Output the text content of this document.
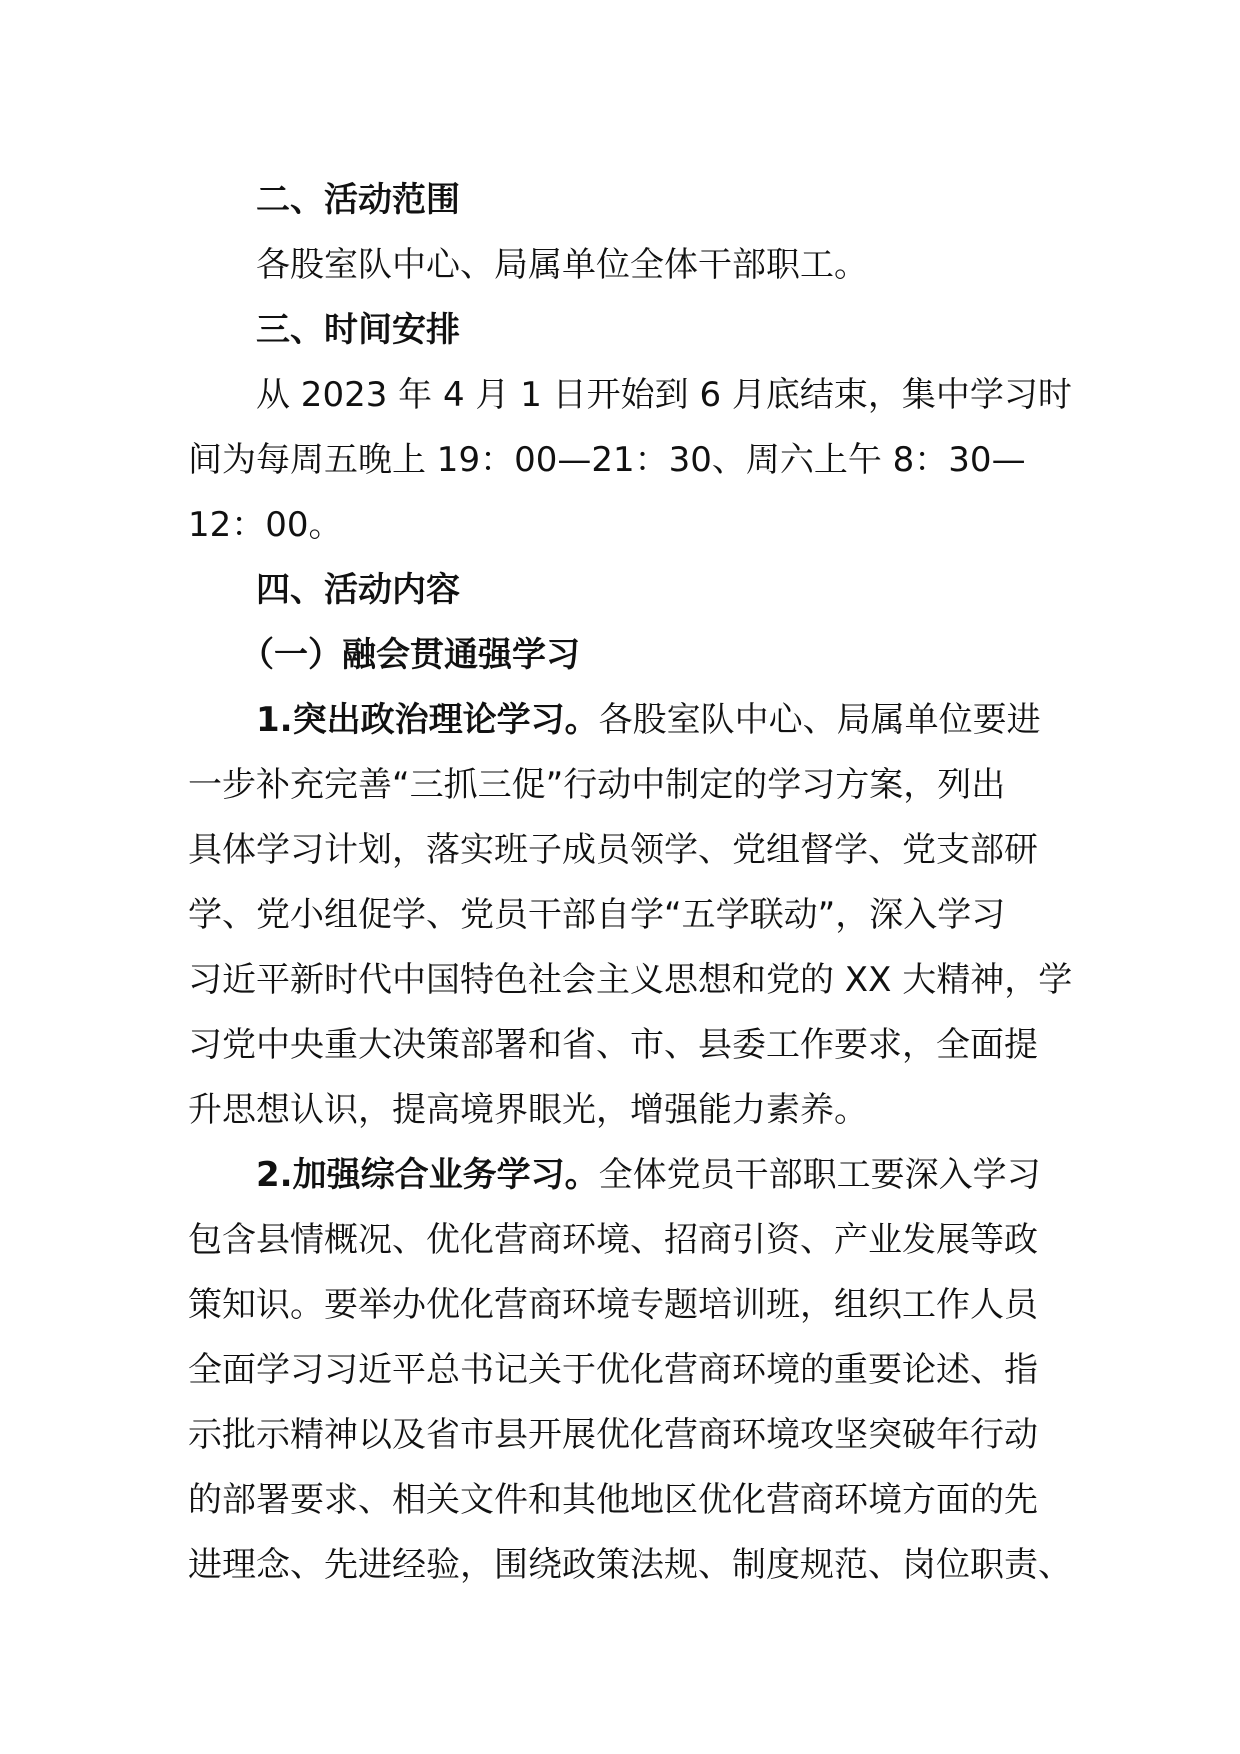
二、活动范围
各股室队中心、局属单位全体干部职工。
三、时间安排
从 2023 年 4 月 1 日开始到 6 月底结束，集中学习时
间为每周五晚上 19：00—21：30、周六上午 8：30—
12：00。
四、活动内容
（一）融会贯通强学习
1.突出政治理论学习。各股室队中心、局属单位要进
一步补充完善“三抓三促”行动中制定的学习方案，列出
具体学习计划，落实班子成员领学、党组督学、党支部研
学、党小组促学、党员干部自学“五学联动”，深入学习
习近平新时代中国特色社会主义思想和党的 XX 大精神，学
习党中央重大决策部署和省、市、县委工作要求，全面提
升思想认识，提高境界眼光，增强能力素养。
2.加强综合业务学习。全体党员干部职工要深入学习
包含县情概况、优化营商环境、招商引资、产业发展等政
策知识。要举办优化营商环境专题培训班，组织工作人员
全面学习习近平总书记关于优化营商环境的重要论述、指
示批示精神以及省市县开展优化营商环境攻坚突破年行动
的部署要求、相关文件和其他地区优化营商环境方面的先
进理念、先进经验，围绕政策法规、制度规范、岗位职责、
